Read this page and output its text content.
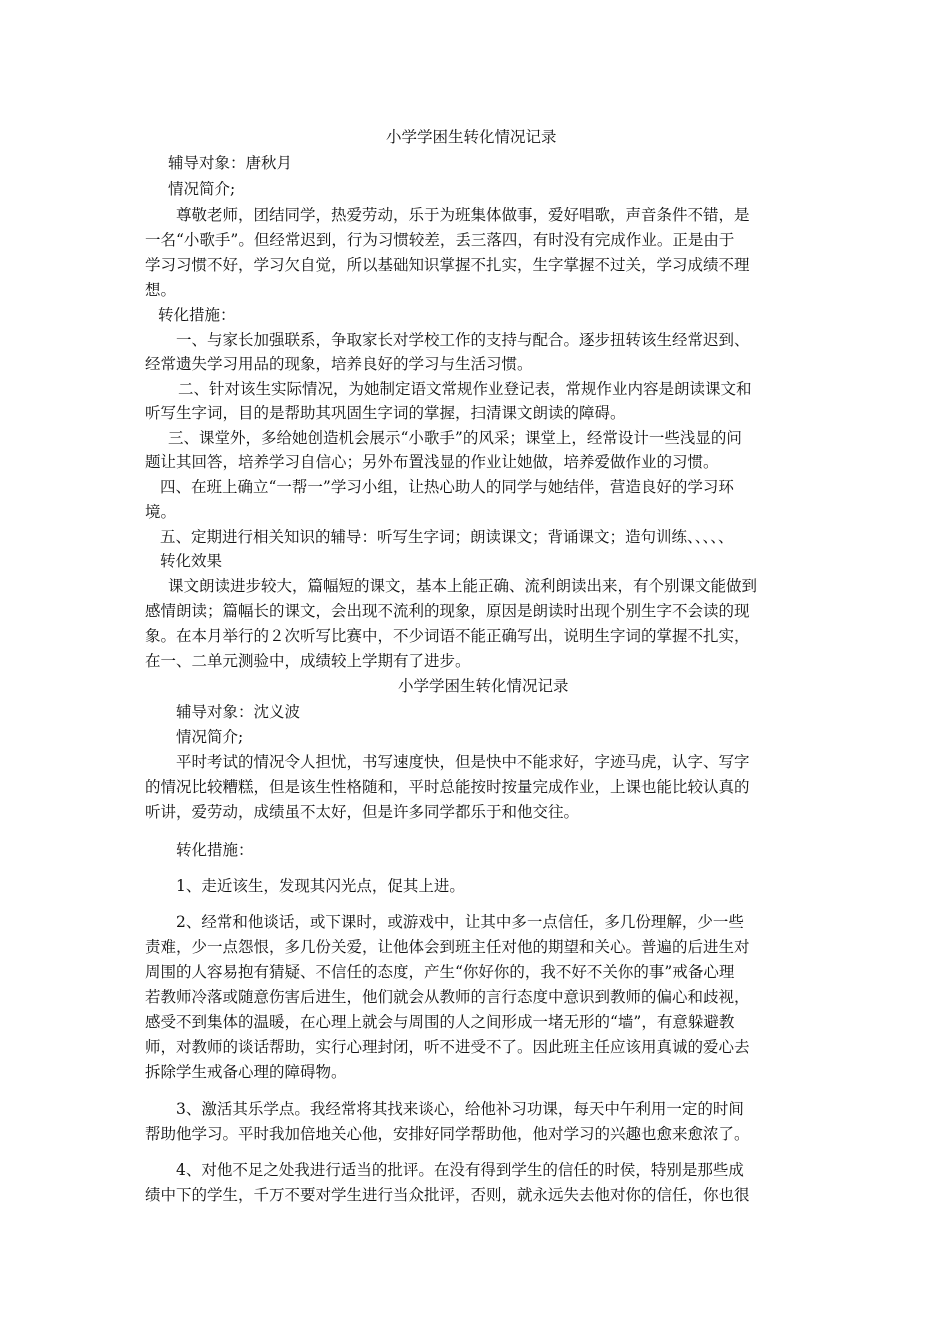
小学学困生转化情况记录

辅导对象：唐秋月

情况简介;

尊敬老师，团结同学，热爱劳动，乐于为班集体做事，爱好唱歌，声音条件不错，是

一名“小歌手”。但经常迟到，行为习惯较差，丢三落四，有时没有完成作业。正是由于

学习习惯不好，学习欠自觉，所以基础知识掌握不扎实，生字掌握不过关，学习成绩不理

想。

转化措施：

一、与家长加强联系，争取家长对学校工作的支持与配合。逐步扭转该生经常迟到、

经常遗失学习用品的现象，培养良好的学习与生活习惯。

二、针对该生实际情况，为她制定语文常规作业登记表，常规作业内容是朗读课文和

听写生字词，目的是帮助其巩固生字词的掌握，扫清课文朗读的障碍。

三、课堂外，多给她创造机会展示“小歌手”的风采；课堂上，经常设计一些浅显的问

题让其回答，培养学习自信心；另外布置浅显的作业让她做，培养爱做作业的习惯。

四、在班上确立“一帮一”学习小组，让热心助人的同学与她结伴，营造良好的学习环

境。

五、定期进行相关知识的辅导：听写生字词；朗读课文；背诵课文；造句训练、、、、、

转化效果

课文朗读进步较大，篇幅短的课文，基本上能正确、流利朗读出来，有个别课文能做到

感情朗读；篇幅长的课文，会出现不流利的现象，原因是朗读时出现个别生字不会读的现

象。在本月举行的２次听写比赛中，不少词语不能正确写出，说明生字词的掌握不扎实，

在一、二单元测验中，成绩较上学期有了进步。

小学学困生转化情况记录

辅导对象：沈义波

情况简介;

平时考试的情况令人担忧，书写速度快，但是快中不能求好，字迹马虎，认字、写字

的情况比较糟糕，但是该生性格随和，平时总能按时按量完成作业，上课也能比较认真的

听讲，爱劳动，成绩虽不太好，但是许多同学都乐于和他交往。

转化措施：

1、走近该生，发现其闪光点，促其上进。

2、经常和他谈话，或下课时，或游戏中，让其中多一点信任，多几份理解，少一些

责难，少一点怨恨，多几份关爱，让他体会到班主任对他的期望和关心。普遍的后进生对

周围的人容易抱有猜疑、不信任的态度，产生“你好你的，我不好不关你的事”戒备心理

若教师冷落或随意伤害后进生，他们就会从教师的言行态度中意识到教师的偏心和歧视，

感受不到集体的温暖，在心理上就会与周围的人之间形成一堵无形的“墙”，有意躲避教

师，对教师的谈话帮助，实行心理封闭，听不进受不了。因此班主任应该用真诚的爱心去

拆除学生戒备心理的障碍物。

3、激活其乐学点。我经常将其找来谈心，给他补习功课，每天中午利用一定的时间

帮助他学习。平时我加倍地关心他，安排好同学帮助他，他对学习的兴趣也愈来愈浓了。

4、对他不足之处我进行适当的批评。在没有得到学生的信任的时侯，特别是那些成

绩中下的学生，千万不要对学生进行当众批评，否则，就永远失去他对你的信任，你也很
